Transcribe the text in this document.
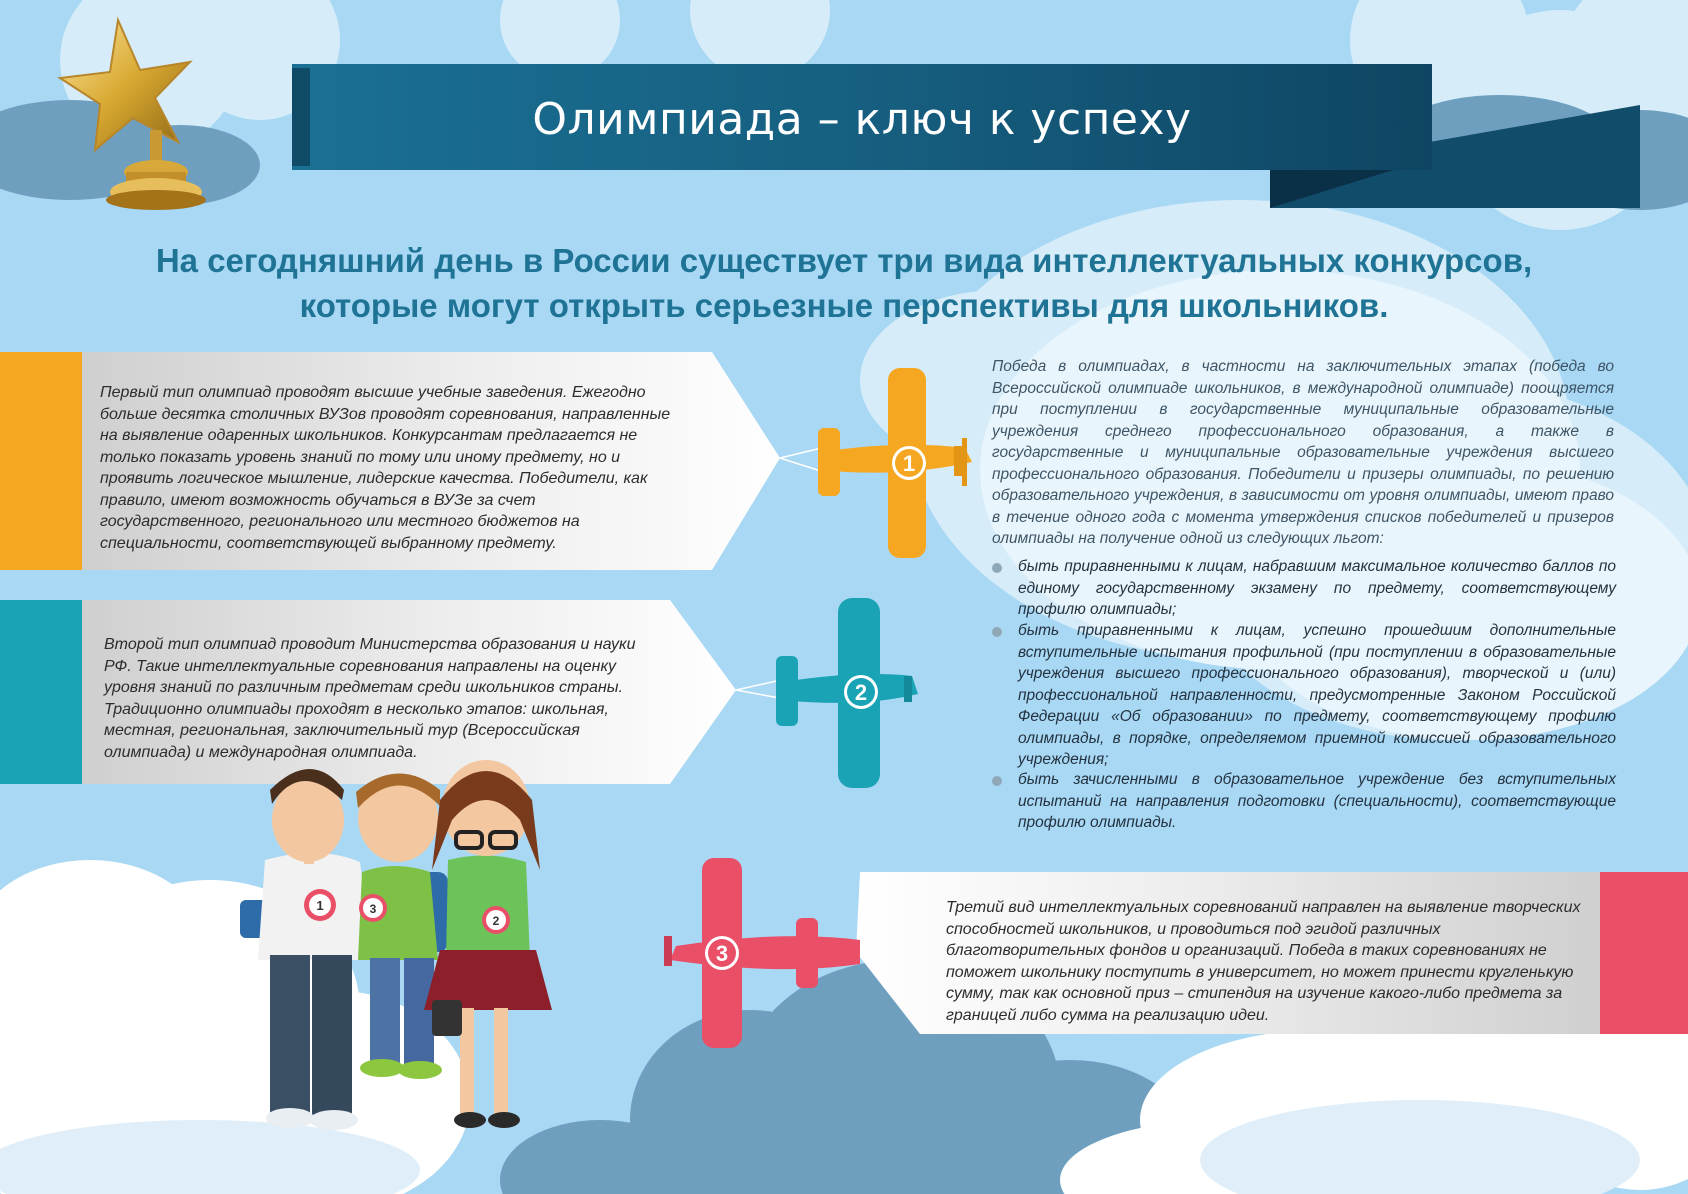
1
2
3
1	3
2
Олимпиада – ключ к успеху
На сегодняшний день в России существует три вида интеллектуальных конкурсов,
которые могут открыть серьезные перспективы для школьников.
Первый тип олимпиад проводят высшие учебные заведения. Ежегодно больше десятка столичных ВУЗов проводят соревнования, направленные на выявление одаренных школьников. Конкурсантам предлагается не только показать уровень знаний по тому или иному предмету, но и проявить логическое мышление, лидерские качества. Победители, как правило, имеют возможность обучаться в ВУЗе за счет государственного, регионального или местного бюджетов на специальности, соответствующей выбранному предмету.
Второй тип олимпиад проводит Министерства образования и науки РФ. Такие интеллектуальные соревнования направлены на оценку уровня знаний по различным предметам среди школьников страны. Традиционно олимпиады проходят в несколько этапов: школьная, местная, региональная, заключительный тур (Всероссийская олимпиада) и международная олимпиада.
Третий вид интеллектуальных соревнований направлен на выявление творческих способностей школьников, и проводиться под эгидой различных благотворительных фондов и организаций. Победа в таких соревнованиях не поможет школьнику поступить в университет, но может принести кругленькую сумму, так как основной приз – стипендия на изучение какого-либо предмета за границей либо сумма на реализацию идеи.
Победа в олимпиадах, в частности на заключительных этапах (победа во Всероссийской олимпиаде школьников, в международной олимпиаде) поощряется при поступлении в государственные муниципальные образовательные учреждения среднего профессионального образования, а также в государственные и муниципальные образовательные учреждения высшего профессионального образования. Победители и призеры олимпиады, по решению образовательного учреждения, в зависимости от уровня олимпиады, имеют право в течение одного года с момента утверждения списков победителей и призеров олимпиады на получение одной из следующих льгот:
быть приравненными к лицам, набравшим максимальное количество баллов по единому государственному экзамену по предмету, соответствующему профилю олимпиады;
быть приравненными к лицам, успешно прошедшим дополнительные вступительные испытания профильной (при поступлении в образовательные учреждения высшего профессионального образования), творческой и (или) профессиональной направленности, предусмотренные Законом Российской Федерации «Об образовании» по предмету, соответствующему профилю олимпиады, в порядке, определяемом приемной комиссией образовательного учреждения;
быть зачисленными в образовательное учреждение без вступительных испытаний на направления подготовки (специальности), соответствующие профилю олимпиады.
